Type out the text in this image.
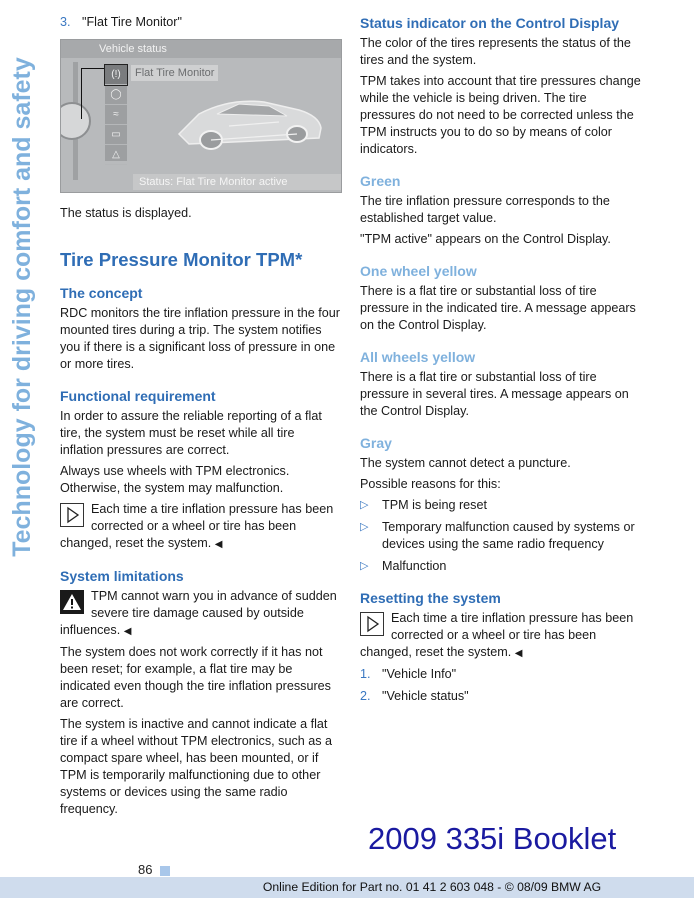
Technology for driving comfort and safety
3. "Flat Tire Monitor"
Vehicle status
(!)
◯
≈
▭
△
Flat Tire Monitor
Status: Flat Tire Monitor active

The status is displayed.

Tire Pressure Monitor TPM*
The concept

RDC monitors the tire inflation pressure in the four mounted tires during a trip. The system notifies you if there is a significant loss of pressure in one or more tires.

Functional requirement

In order to assure the reliable reporting of a flat tire, the system must be reset while all tire inflation pressures are correct.

Always use wheels with TPM electronics. Otherwise, the system may malfunction.

Each time a tire inflation pressure has been corrected or a wheel or tire has been changed, reset the system. ◀
System limitations
TPM cannot warn you in advance of sudden severe tire damage caused by outside influences. ◀

The system does not work correctly if it has not been reset; for example, a flat tire may be indicated even though the tire inflation pressures are correct.

The system is inactive and cannot indicate a flat tire if a wheel without TPM electronics, such as a compact spare wheel, has been mounted, or if TPM is temporarily malfunctioning due to other systems or devices using the same radio frequency.

Status indicator on the Control Display

The color of the tires represents the status of the tires and the system.

TPM takes into account that tire pressures change while the vehicle is being driven. The tire pressures do not need to be corrected unless the TPM instructs you to do so by means of color indicators.

Green

The tire inflation pressure corresponds to the established target value.

"TPM active" appears on the Control Display.

One wheel yellow

There is a flat tire or substantial loss of tire pressure in the indicated tire. A message appears on the Control Display.

All wheels yellow

There is a flat tire or substantial loss of tire pressure in several tires. A message appears on the Control Display.

Gray

The system cannot detect a puncture.

Possible reasons for this:

▷	TPM is being reset
▷	Temporary malfunction caused by systems or devices using the same radio frequency
▷	Malfunction
Resetting the system
Each time a tire inflation pressure has been corrected or a wheel or tire has been changed, reset the system. ◀
1. "Vehicle Info"
2. "Vehicle status"
2009 335i Booklet
86
Online Edition for Part no. 01 41 2 603 048 - © 08/09 BMW AG
